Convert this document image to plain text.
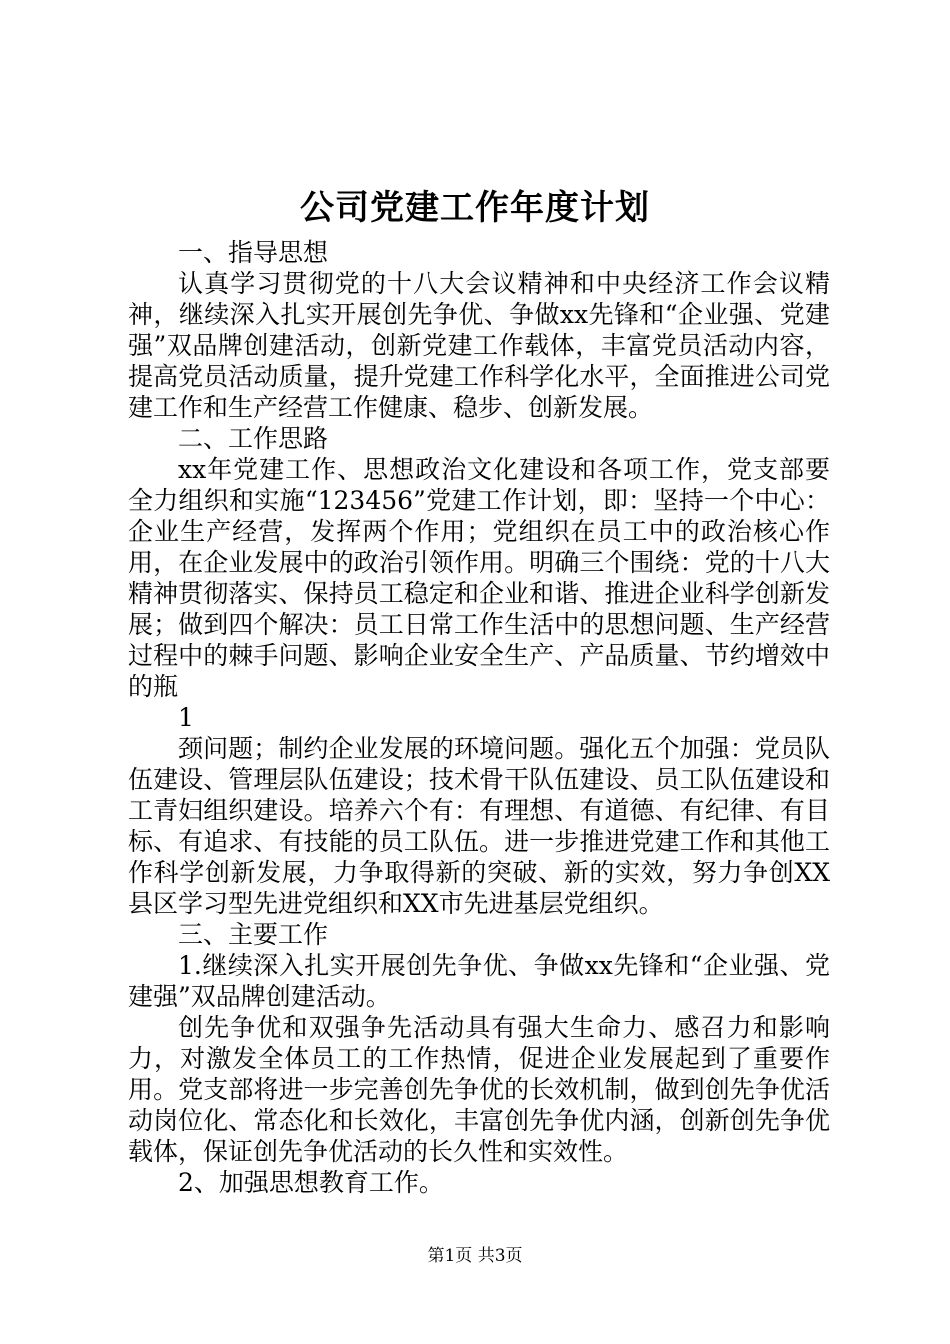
公司党建工作年度计划

一、指导思想

认真学习贯彻党的十八大会议精神和中央经济工作会议精神，继续深入扎实开展创先争优、争做xx先锋和“企业强、党建强”双品牌创建活动，创新党建工作载体，丰富党员活动内容，提高党员活动质量，提升党建工作科学化水平，全面推进公司党建工作和生产经营工作健康、稳步、创新发展。

二、工作思路

xx年党建工作、思想政治文化建设和各项工作，党支部要全力组织和实施“123456”党建工作计划，即：坚持一个中心：企业生产经营，发挥两个作用；党组织在员工中的政治核心作用，在企业发展中的政治引领作用。明确三个围绕：党的十八大精神贯彻落实、保持员工稳定和企业和谐、推进企业科学创新发展；做到四个解决：员工日常工作生活中的思想问题、生产经营过程中的棘手问题、影响企业安全生产、产品质量、节约增效中的瓶

1

颈问题；制约企业发展的环境问题。强化五个加强：党员队伍建设、管理层队伍建设；技术骨干队伍建设、员工队伍建设和工青妇组织建设。培养六个有：有理想、有道德、有纪律、有目标、有追求、有技能的员工队伍。进一步推进党建工作和其他工作科学创新发展，力争取得新的突破、新的实效，努力争创XX县区学习型先进党组织和XX市先进基层党组织。

三、主要工作

1.继续深入扎实开展创先争优、争做xx先锋和“企业强、党建强”双品牌创建活动。

创先争优和双强争先活动具有强大生命力、感召力和影响力，对激发全体员工的工作热情，促进企业发展起到了重要作用。党支部将进一步完善创先争优的长效机制，做到创先争优活动岗位化、常态化和长效化，丰富创先争优内涵，创新创先争优载体，保证创先争优活动的长久性和实效性。

2、加强思想教育工作。

第1页 共3页
